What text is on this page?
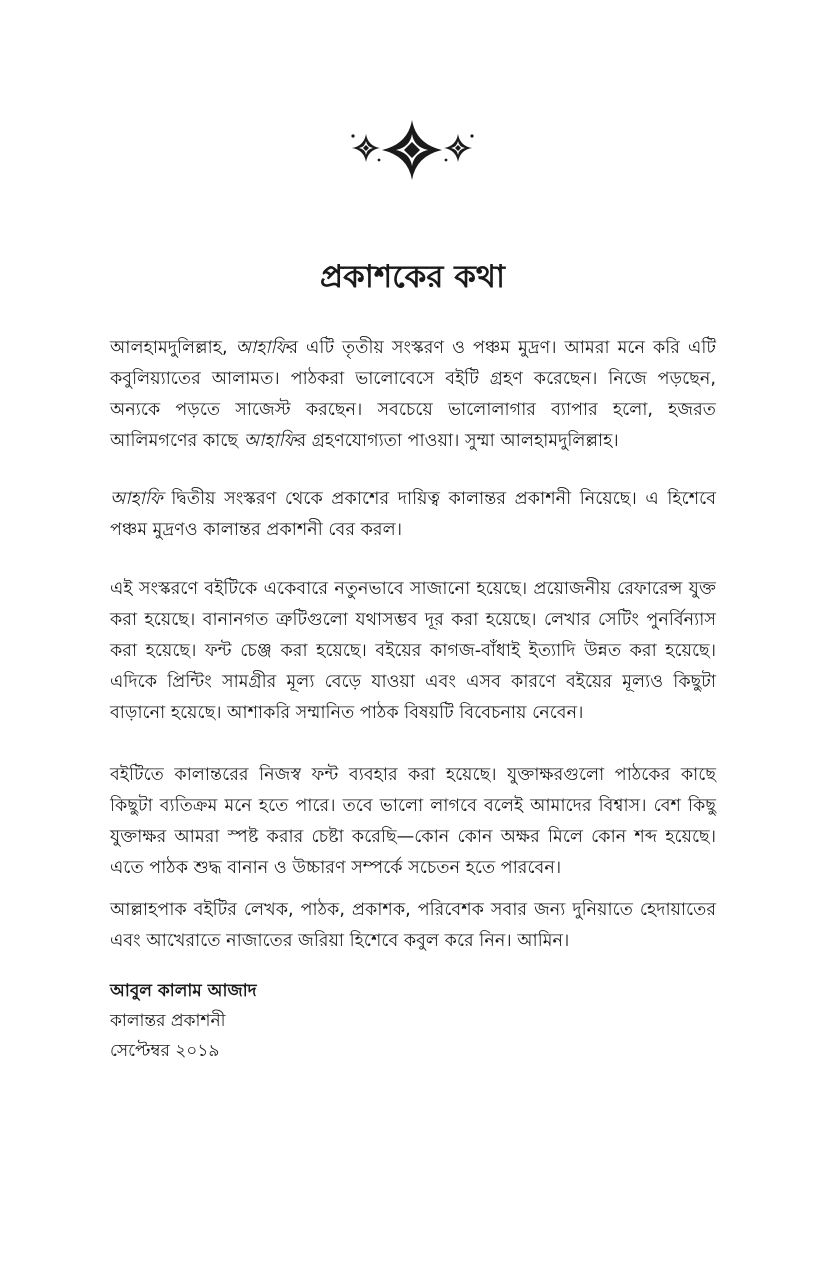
প্রকাশকের কথা

আলহামদুলিল্লাহ, আহাফির এটি তৃতীয় সংস্করণ ও পঞ্চম মুদ্রণ। আমরা মনে করি এটি কবুলিয়্যাতের আলামত। পাঠকরা ভালোবেসে বইটি গ্রহণ করেছেন। নিজে পড়ছেন, অন্যকে পড়তে সাজেস্ট করছেন। সবচেয়ে ভালোলাগার ব্যাপার হলো, হজরত আলিমগণের কাছে আহাফির গ্রহণযোগ্যতা পাওয়া। সুম্মা আলহামদুলিল্লাহ।

আহাফি দ্বিতীয় সংস্করণ থেকে প্রকাশের দায়িত্ব কালান্তর প্রকাশনী নিয়েছে। এ হিশেবে পঞ্চম মুদ্রণও কালান্তর প্রকাশনী বের করল।

এই সংস্করণে বইটিকে একেবারে নতুনভাবে সাজানো হয়েছে। প্রয়োজনীয় রেফারেন্স যুক্ত করা হয়েছে। বানানগত ত্রুটিগুলো যথাসম্ভব দূর করা হয়েছে। লেখার সেটিং পুনর্বিন্যাস করা হয়েছে। ফন্ট চেঞ্জ করা হয়েছে। বইয়ের কাগজ-বাঁধাই ইত্যাদি উন্নত করা হয়েছে। এদিকে প্রিন্টিং সামগ্রীর মূল্য বেড়ে যাওয়া এবং এসব কারণে বইয়ের মূল্যও কিছুটা বাড়ানো হয়েছে। আশাকরি সম্মানিত পাঠক বিষয়টি বিবেচনায় নেবেন।

বইটিতে কালান্তরের নিজস্ব ফন্ট ব্যবহার করা হয়েছে। যুক্তাক্ষরগুলো পাঠকের কাছে কিছুটা ব্যতিক্রম মনে হতে পারে। তবে ভালো লাগবে বলেই আমাদের বিশ্বাস। বেশ কিছু যুক্তাক্ষর আমরা স্পষ্ট করার চেষ্টা করেছি—কোন কোন অক্ষর মিলে কোন শব্দ হয়েছে। এতে পাঠক শুদ্ধ বানান ও উচ্চারণ সম্পর্কে সচেতন হতে পারবেন।

আল্লাহপাক বইটির লেখক, পাঠক, প্রকাশক, পরিবেশক সবার জন্য দুনিয়াতে হেদায়াতের এবং আখেরাতে নাজাতের জরিয়া হিশেবে কবুল করে নিন। আমিন।

আবুল কালাম আজাদ
কালান্তর প্রকাশনী
সেপ্টেম্বর ২০১৯
